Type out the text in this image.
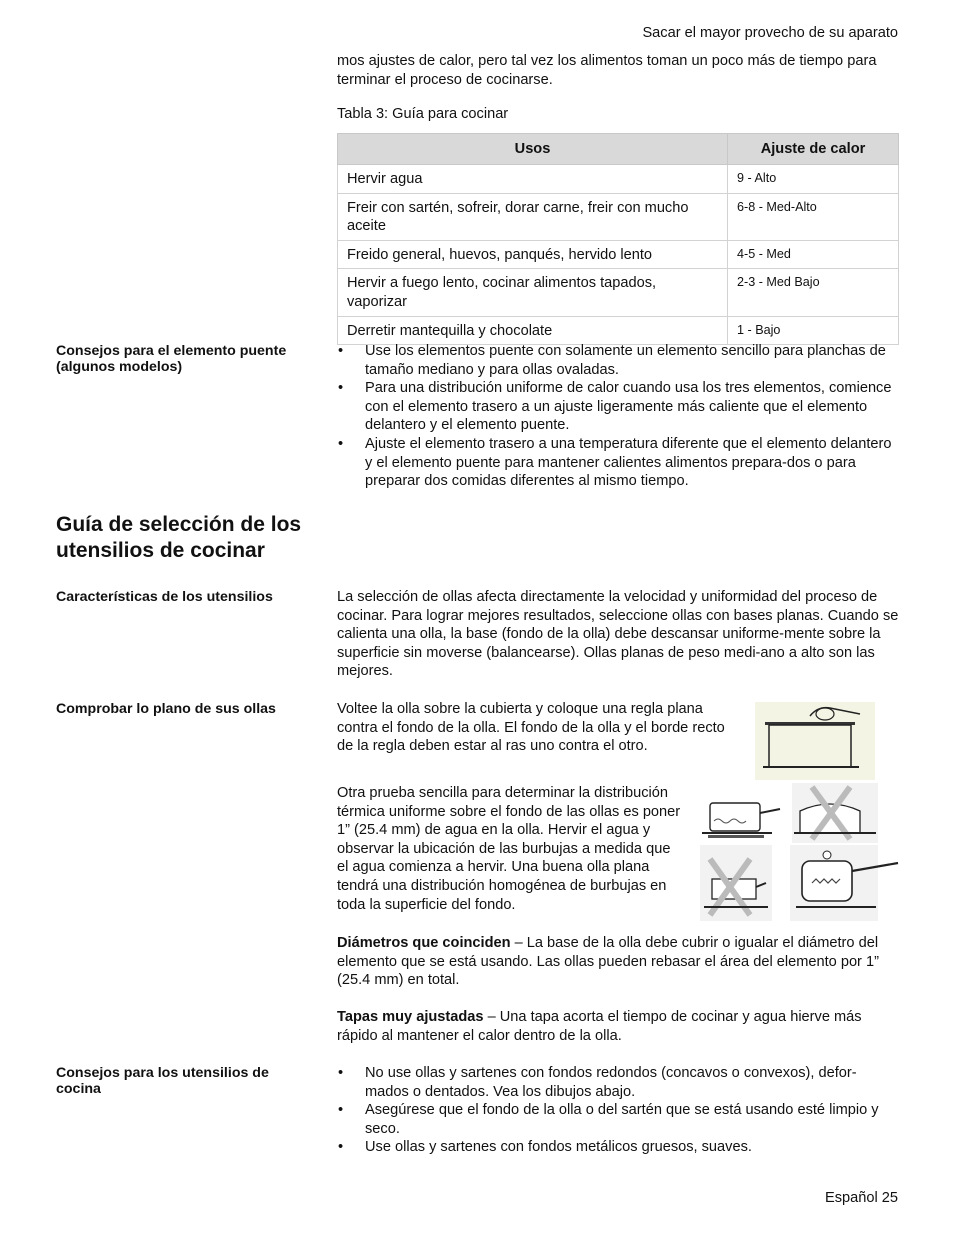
Sacar el mayor provecho de su aparato
mos ajustes de calor, pero tal vez los alimentos toman un poco más de tiempo para terminar el proceso de cocinarse.
Tabla 3: Guía para cocinar
Usos	Ajuste de calor
Hervir agua	9 - Alto
Freir con sartén, sofreir, dorar carne, freir con mucho aceite	6-8 - Med-Alto
Freido general, huevos, panqués, hervido lento	4-5 - Med
Hervir a fuego lento, cocinar alimentos tapados, vaporizar	2-3 - Med Bajo
Derretir mantequilla y chocolate	1 - Bajo
Consejos para el elemento puente (algunos modelos)
• Use los elementos puente con solamente un elemento sencillo para planchas de tamaño mediano y para ollas ovaladas.
• Para una distribución uniforme de calor cuando usa los tres elementos, comience con el elemento trasero a un ajuste ligeramente más caliente que el elemento delantero y el elemento puente.
• Ajuste el elemento trasero a una temperatura diferente que el elemento delantero y el elemento puente para mantener calientes alimentos prepara-dos o para preparar dos comidas diferentes al mismo tiempo.
Guía de selección de los utensilios de cocinar
Características de los utensilios	La selección de ollas afecta directamente la velocidad y uniformidad del proceso de cocinar. Para lograr mejores resultados, seleccione ollas con bases planas. Cuando se calienta una olla, la base (fondo de la olla) debe descansar uniforme-mente sobre la superficie sin moverse (balancearse). Ollas planas de peso medi-ano a alto son las mejores.
Comprobar lo plano de sus ollas	Voltee la olla sobre la cubierta y coloque una regla plana contra el fondo de la olla. El fondo de la olla y el borde recto de la regla deben estar al ras uno contra el otro.
Otra prueba sencilla para determinar la distribución térmica uniforme sobre el fondo de las ollas es poner 1” (25.4 mm) de agua en la olla. Hervir el agua y observar la ubicación de las burbujas a medida que el agua comienza a hervir. Una buena olla plana tendrá una distribución homogénea de burbujas en toda la superficie del fondo.
Diámetros que coinciden – La base de la olla debe cubrir o igualar el diámetro del elemento que se está usando. Las ollas pueden rebasar el área del elemento por 1” (25.4 mm) en total.
Tapas muy ajustadas – Una tapa acorta el tiempo de cocinar y agua hierve más rápido al mantener el calor dentro de la olla.
Consejos para los utensilios de cocina
• No use ollas y sartenes con fondos redondos (concavos o convexos), defor-mados o dentados. Vea los dibujos abajo.
• Asegúrese que el fondo de la olla o del sartén que se está usando esté limpio y seco.
• Use ollas y sartenes con fondos metálicos gruesos, suaves.
Español 25
